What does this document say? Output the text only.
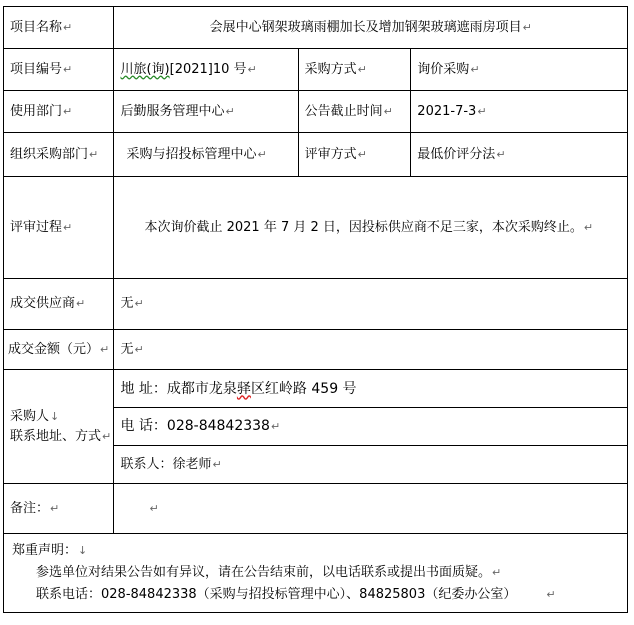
项目名称↵	会展中心钢架玻璃雨棚加长及增加钢架玻璃遮雨房项目↵		
项目编号↵	川旅(询)[2021]10 号↵	采购方式↵	询价采购↵
使用部门↵	后勤服务管理中心↵	公告截止时间↵	2021-7-3↵
组织采购部门↵	采购与招投标管理中心↵	评审方式↵	最低价评分法↵
评审过程↵	本次询价截止 2021 年 7 月 2 日，因投标供应商不足三家，本次采购终止。↵		
成交供应商↵	无↵		
成交金额（元）↵	无↵		

采购人↓
联系地址、方式↵	地 址：成都市龙泉驿区红岭路 459 号		
	电 话：028-84842338↵		
	联系人：徐老师↵		
备注：↵	↵		

郑重声明：↓
参选单位对结果公告如有异议，请在公告结束前，以电话联系或提出书面质疑。↵
联系电话：028-84842338（采购与招投标管理中心）、84825803（纪委办公室） ↵			
